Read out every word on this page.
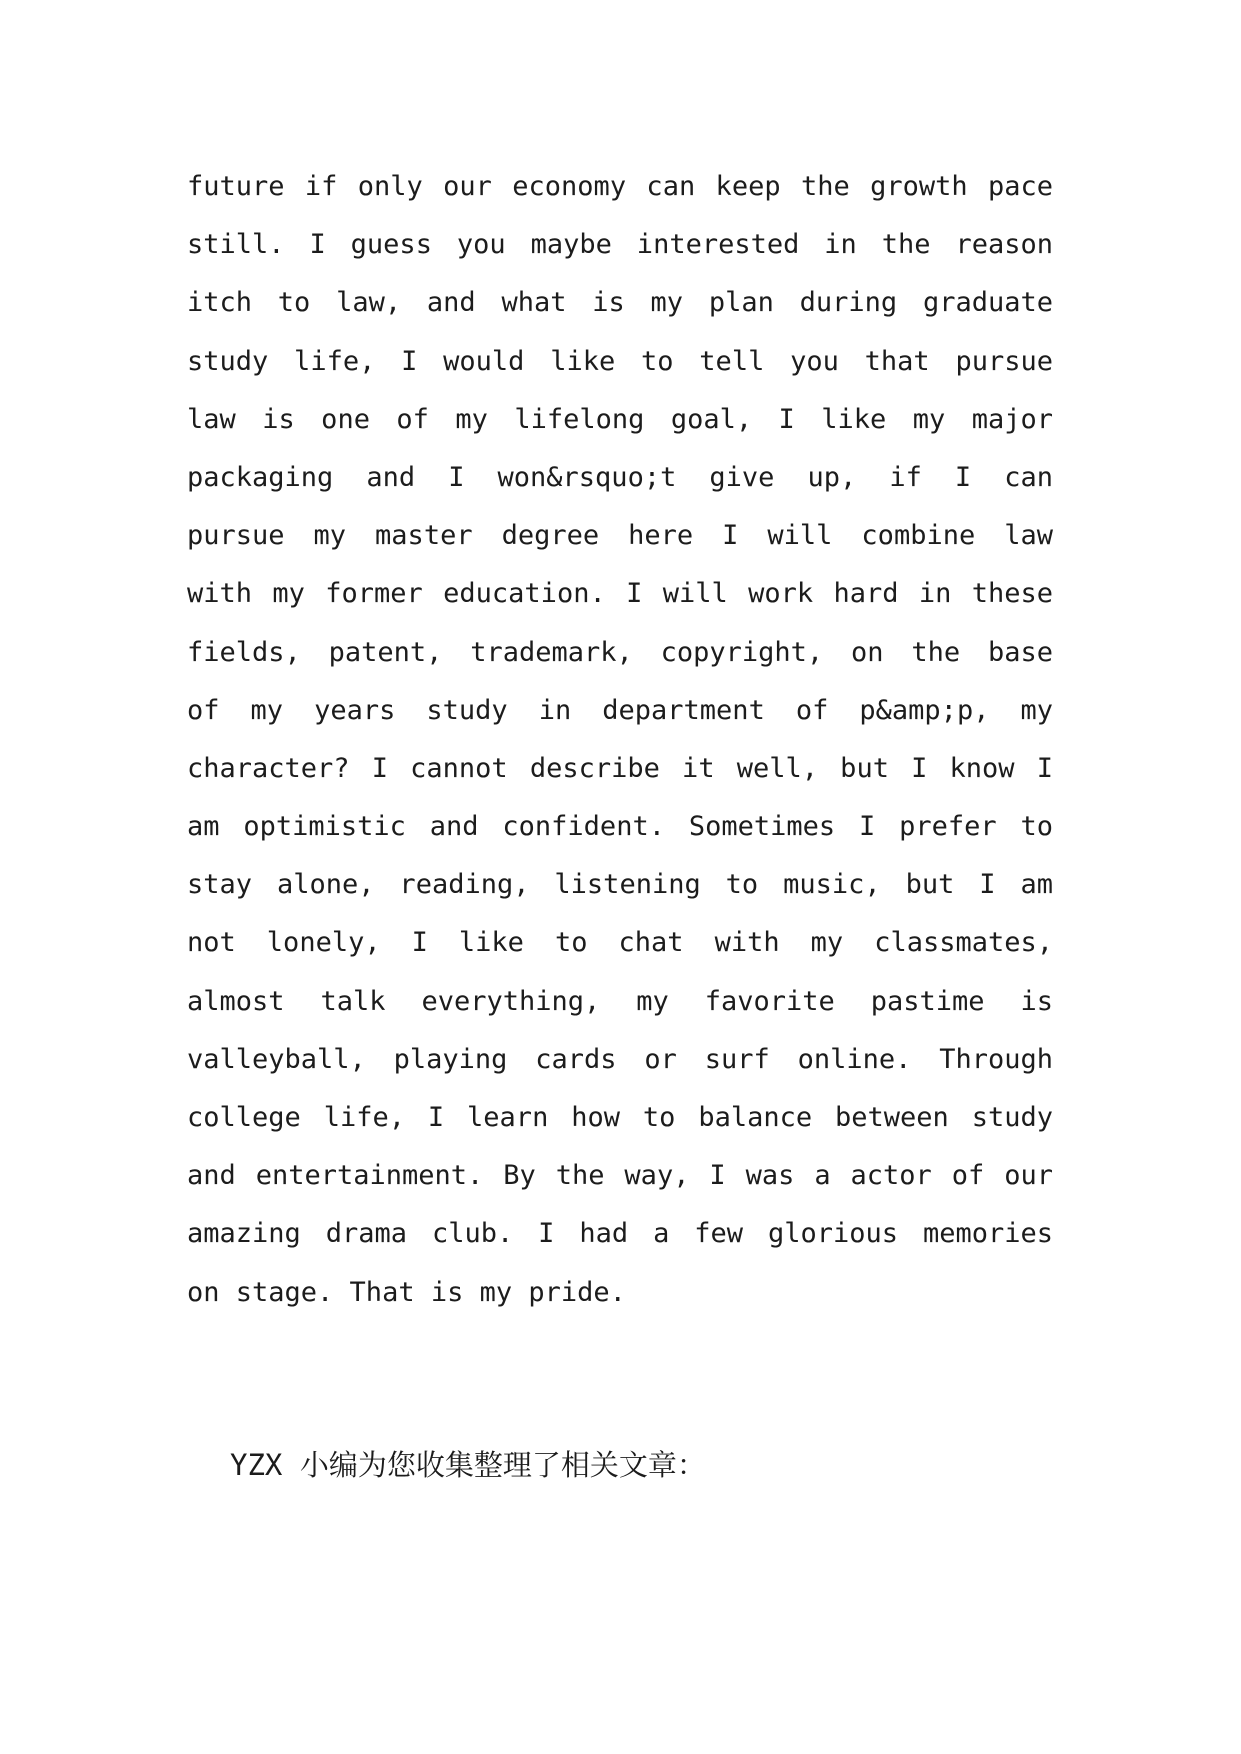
future if only our economy can keep the growth pace
still. I guess you maybe interested in the reason
itch to law, and what is my plan during graduate
study life, I would like to tell you that pursue
law is one of my lifelong goal, I like my major
packaging and I won&rsquo;t give up, if I can
pursue my master degree here I will combine law
with my former education. I will work hard in these
fields, patent, trademark, copyright, on the base
of my years study in department of p&amp;p, my
character? I cannot describe it well, but I know I
am optimistic and confident. Sometimes I prefer to
stay alone, reading, listening to music, but I am
not lonely, I like to chat with my classmates,
almost talk everything, my favorite pastime is
valleyball, playing cards or surf online. Through
college life, I learn how to balance between study
and entertainment. By the way, I was a actor of our
amazing drama club. I had a few glorious memories
on stage. That is my pride.

YZX 小编为您收集整理了相关文章：
